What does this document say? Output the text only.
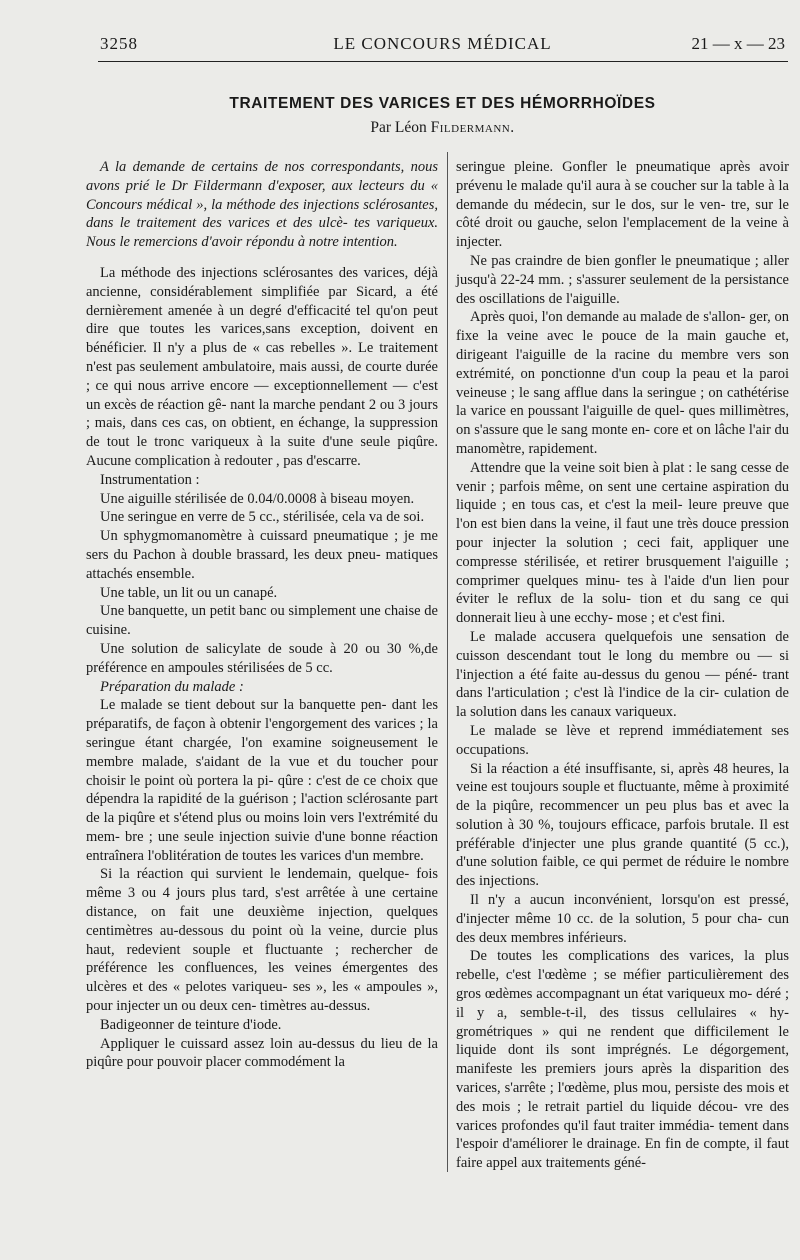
3258	LE CONCOURS MÉDICAL	21 — x — 23
TRAITEMENT DES VARICES ET DES HÉMORRHOÏDES
Par Léon Fildermann.

A la demande de certains de nos correspondants, nous avons prié le Dr Fildermann d'exposer, aux lecteurs du « Concours médical », la méthode des injections sclérosantes, dans le traitement des varices et des ulcè- tes variqueux. Nous le remercions d'avoir répondu à notre intention.

La méthode des injections sclérosantes des varices, déjà ancienne, considérablement simplifiée par Sicard, a été dernièrement amenée à un degré d'efficacité tel qu'on peut dire que toutes les varices,sans exception, doivent en bénéficier. Il n'y a plus de « cas rebelles ». Le traitement n'est pas seulement ambulatoire, mais aussi, de courte durée ; ce qui nous arrive encore — exceptionnellement — c'est un excès de réaction gê- nant la marche pendant 2 ou 3 jours ; mais, dans ces cas, on obtient, en échange, la suppression de tout le tronc variqueux à la suite d'une seule piqûre. Aucune complication à redouter , pas d'escarre.

Instrumentation :

Une aiguille stérilisée de 0.04/0.0008 à biseau moyen.

Une seringue en verre de 5 cc., stérilisée, cela va de soi.

Un sphygmomanomètre à cuissard pneumatique ; je me sers du Pachon à double brassard, les deux pneu- matiques attachés ensemble.

Une table, un lit ou un canapé.

Une banquette, un petit banc ou simplement une chaise de cuisine.

Une solution de salicylate de soude à 20 ou 30 %,de préférence en ampoules stérilisées de 5 cc.

Préparation du malade :

Le malade se tient debout sur la banquette pen- dant les préparatifs, de façon à obtenir l'engorgement des varices ; la seringue étant chargée, l'on examine soigneusement le membre malade, s'aidant de la vue et du toucher pour choisir le point où portera la pi- qûre : c'est de ce choix que dépendra la rapidité de la guérison ; l'action sclérosante part de la piqûre et s'étend plus ou moins loin vers l'extrémité du mem- bre ; une seule injection suivie d'une bonne réaction entraînera l'oblitération de toutes les varices d'un membre.

Si la réaction qui survient le lendemain, quelque- fois même 3 ou 4 jours plus tard, s'est arrêtée à une certaine distance, on fait une deuxième injection, quelques centimètres au-dessous du point où la veine, durcie plus haut, redevient souple et fluctuante ; rechercher de préférence les confluences, les veines émergentes des ulcères et des « pelotes variqueu- ses », les « ampoules », pour injecter un ou deux cen- timètres au-dessus.

Badigeonner de teinture d'iode.

Appliquer le cuissard assez loin au-dessus du lieu de la piqûre pour pouvoir placer commodément la

seringue pleine. Gonfler le pneumatique après avoir prévenu le malade qu'il aura à se coucher sur la table à la demande du médecin, sur le dos, sur le ven- tre, sur le côté droit ou gauche, selon l'emplacement de la veine à injecter.

Ne pas craindre de bien gonfler le pneumatique ; aller jusqu'à 22-24 mm. ; s'assurer seulement de la persistance des oscillations de l'aiguille.

Après quoi, l'on demande au malade de s'allon- ger, on fixe la veine avec le pouce de la main gauche et, dirigeant l'aiguille de la racine du membre vers son extrémité, on ponctionne d'un coup la peau et la paroi veineuse ; le sang afflue dans la seringue ; on cathétérise la varice en poussant l'aiguille de quel- ques millimètres, on s'assure que le sang monte en- core et on lâche l'air du manomètre, rapidement.

Attendre que la veine soit bien à plat : le sang cesse de venir ; parfois même, on sent une certaine aspiration du liquide ; en tous cas, et c'est la meil- leure preuve que l'on est bien dans la veine, il faut une très douce pression pour injecter la solution ; ceci fait, appliquer une compresse stérilisée, et retirer brusquement l'aiguille ; comprimer quelques minu- tes à l'aide d'un lien pour éviter le reflux de la solu- tion et du sang ce qui donnerait lieu à une ecchy- mose ; et c'est fini.

Le malade accusera quelquefois une sensation de cuisson descendant tout le long du membre ou — si l'injection a été faite au-dessus du genou — péné- trant dans l'articulation ; c'est là l'indice de la cir- culation de la solution dans les canaux variqueux.

Le malade se lève et reprend immédiatement ses occupations.

Si la réaction a été insuffisante, si, après 48 heures, la veine est toujours souple et fluctuante, même à proximité de la piqûre, recommencer un peu plus bas et avec la solution à 30 %, toujours efficace, parfois brutale. Il est préférable d'injecter une plus grande quantité (5 cc.), d'une solution faible, ce qui permet de réduire le nombre des injections.

Il n'y a aucun inconvénient, lorsqu'on est pressé, d'injecter même 10 cc. de la solution, 5 pour cha- cun des deux membres inférieurs.

De toutes les complications des varices, la plus rebelle, c'est l'œdème ; se méfier particulièrement des gros œdèmes accompagnant un état variqueux mo- déré ; il y a, semble-t-il, des tissus cellulaires « hy- grométriques » qui ne rendent que difficilement le liquide dont ils sont imprégnés. Le dégorgement, manifeste les premiers jours après la disparition des varices, s'arrête ; l'œdème, plus mou, persiste des mois et des mois ; le retrait partiel du liquide décou- vre des varices profondes qu'il faut traiter immédia- tement dans l'espoir d'améliorer le drainage. En fin de compte, il faut faire appel aux traitements géné-
